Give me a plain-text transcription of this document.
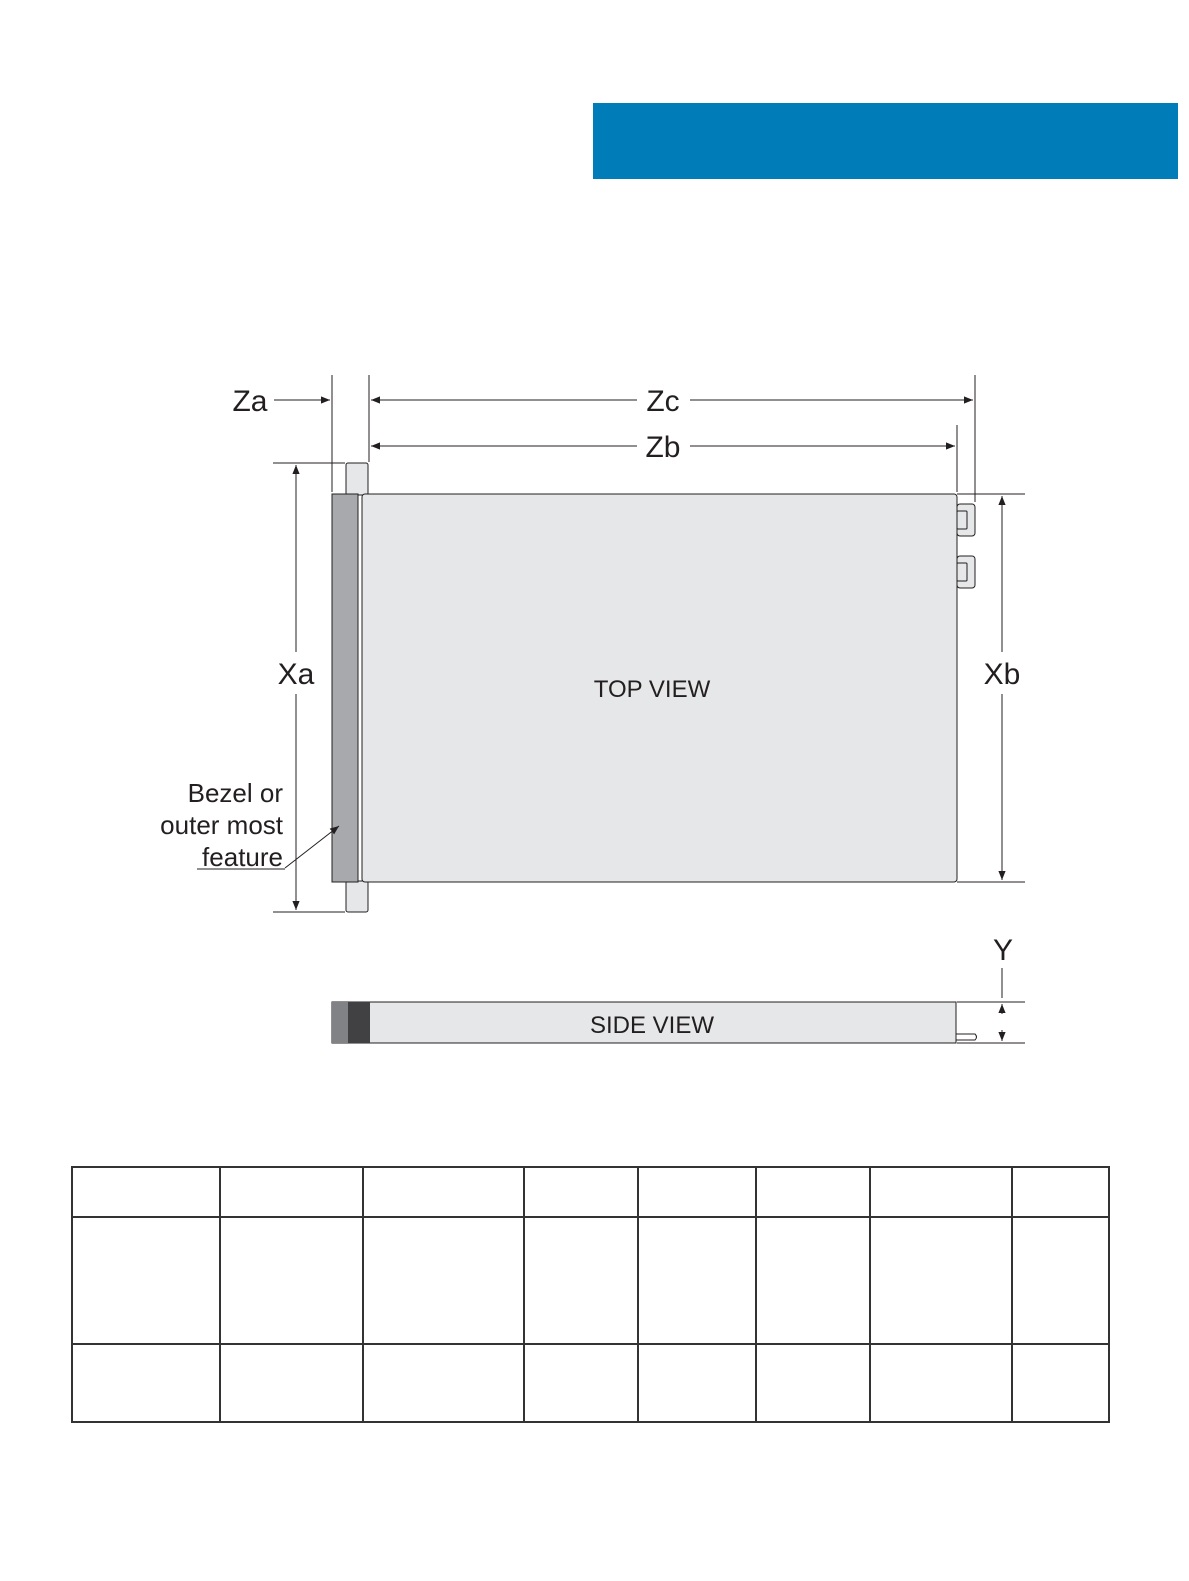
TOP VIEW
Za	Zc
Zb
Xa	Xb
Y
Bezel or
outer most
feature
SIDE VIEW
